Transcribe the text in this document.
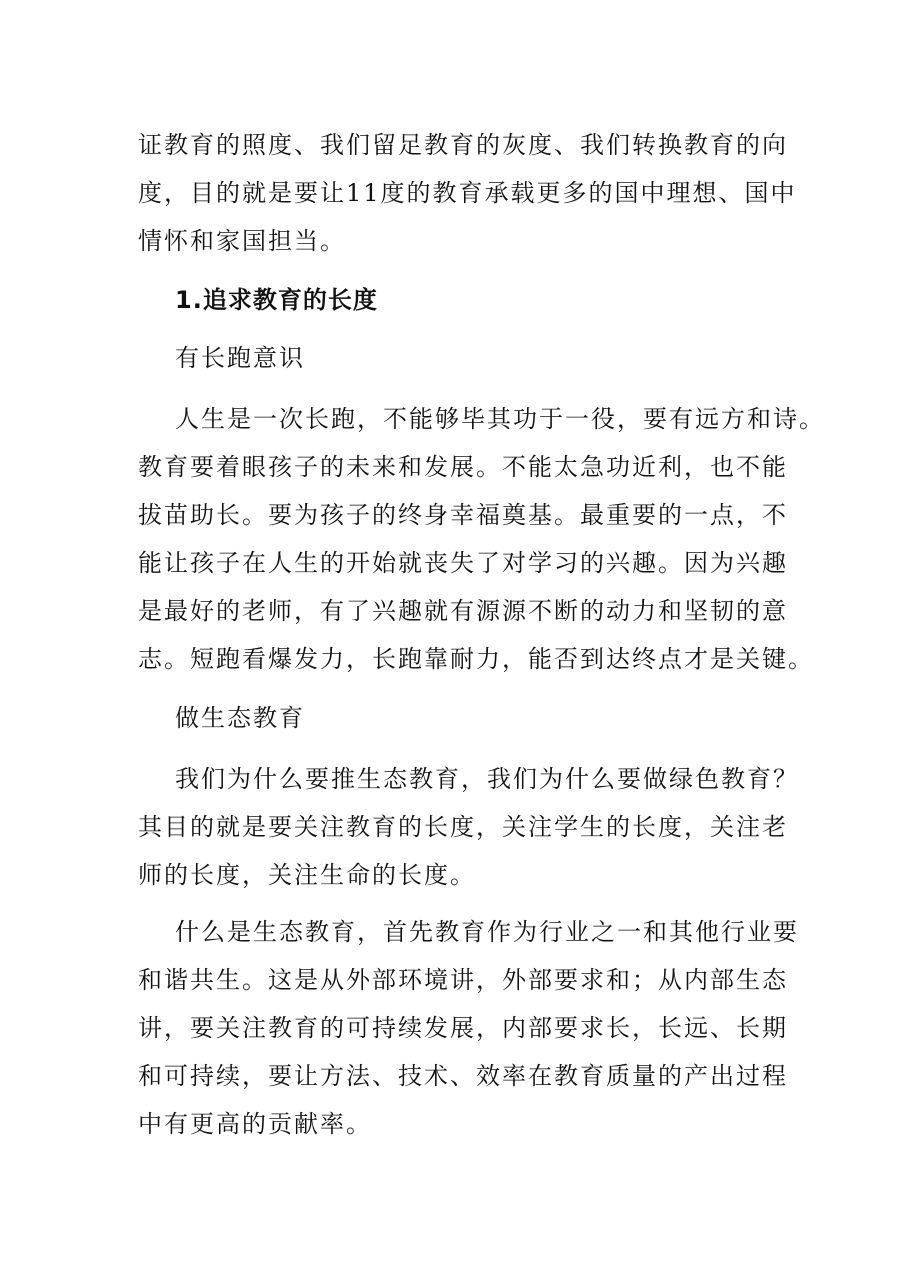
证教育的照度、我们留足教育的灰度、我们转换教育的向
度，目的就是要让11度的教育承载更多的国中理想、国中
情怀和家国担当。
1.追求教育的长度
有长跑意识
人生是一次长跑，不能够毕其功于一役，要有远方和诗。
教育要着眼孩子的未来和发展。不能太急功近利，也不能
拔苗助长。要为孩子的终身幸福奠基。最重要的一点，不
能让孩子在人生的开始就丧失了对学习的兴趣。因为兴趣
是最好的老师，有了兴趣就有源源不断的动力和坚韧的意
志。短跑看爆发力，长跑靠耐力，能否到达终点才是关键。
做生态教育
我们为什么要推生态教育，我们为什么要做绿色教育？
其目的就是要关注教育的长度，关注学生的长度，关注老
师的长度，关注生命的长度。
什么是生态教育，首先教育作为行业之一和其他行业要
和谐共生。这是从外部环境讲，外部要求和；从内部生态
讲，要关注教育的可持续发展，内部要求长，长远、长期
和可持续，要让方法、技术、效率在教育质量的产出过程
中有更高的贡献率。
